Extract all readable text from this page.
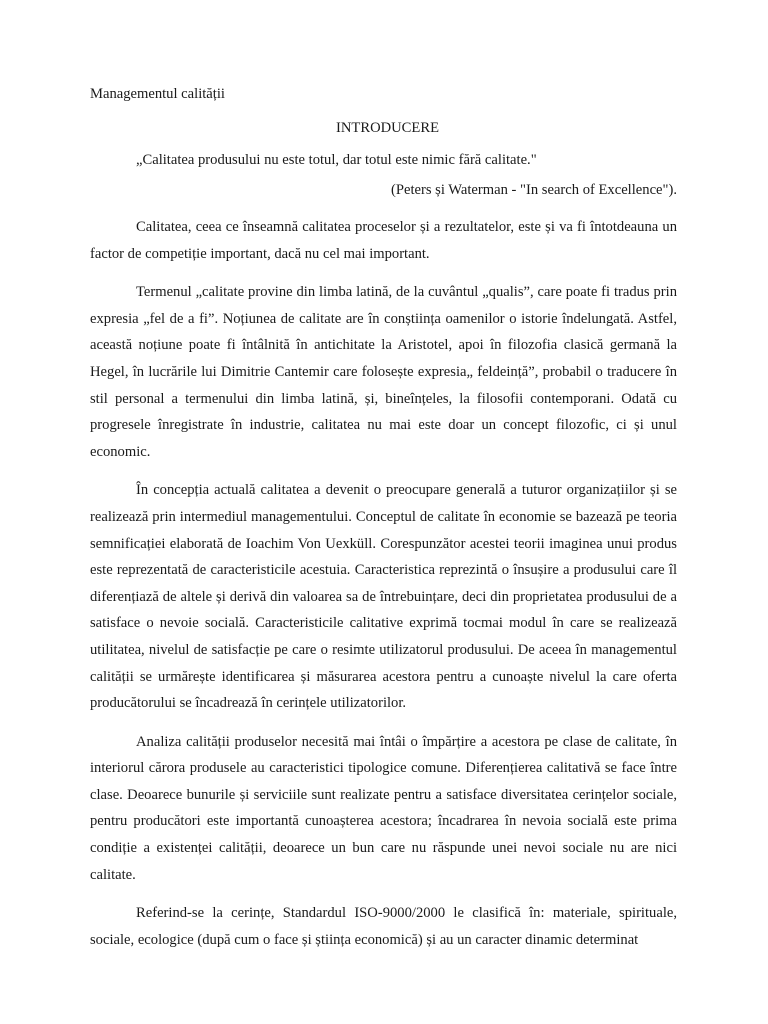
Managementul calității

INTRODUCERE

„Calitatea produsului nu este totul, dar totul este nimic fără calitate."

(Peters și Waterman - "In search of Excellence").

Calitatea, ceea ce înseamnă calitatea proceselor și a rezultatelor, este și va fi întotdeauna un factor de competiție important, dacă nu cel mai important.

Termenul „calitate provine din limba latină, de la cuvântul „qualis”, care poate fi tradus prin expresia „fel de a fi”. Noțiunea de calitate are în conștiința oamenilor o istorie îndelungată. Astfel, această noțiune poate fi întâlnită în antichitate la Aristotel, apoi în filozofia clasică germană la Hegel, în lucrările lui Dimitrie Cantemir care folosește expresia„ feldeință”, probabil o traducere în stil personal a termenului din limba latină, și, bineînțeles, la filosofii contemporani. Odată cu progresele înregistrate în industrie, calitatea nu mai este doar un concept filozofic, ci și unul economic.

În concepția actuală calitatea a devenit o preocupare generală a tuturor organizațiilor și se realizează prin intermediul managementului. Conceptul de calitate în economie se bazează pe teoria semnificației elaborată de Ioachim Von Uexküll. Corespunzător acestei teorii imaginea unui produs este reprezentată de caracteristicile acestuia. Caracteristica reprezintă o însușire a produsului care îl diferențiază de altele și derivă din valoarea sa de întrebuințare, deci din proprietatea produsului de a satisface o nevoie socială. Caracteristicile calitative exprimă tocmai modul în care se realizează utilitatea, nivelul de satisfacție pe care o resimte utilizatorul produsului. De aceea în managementul calității se urmărește identificarea și măsurarea acestora pentru a cunoaște nivelul la care oferta producătorului se încadrează în cerințele utilizatorilor.

Analiza calității produselor necesită mai întâi o împărțire a acestora pe clase de calitate, în interiorul cărora produsele au caracteristici tipologice comune. Diferențierea calitativă se face între clase. Deoarece bunurile și serviciile sunt realizate pentru a satisface diversitatea cerințelor sociale, pentru producători este importantă cunoașterea acestora; încadrarea în nevoia socială este prima condiție a existenței calității, deoarece un bun care nu răspunde unei nevoi sociale nu are nici calitate.

Referind-se la cerințe, Standardul ISO-9000/2000 le clasifică în: materiale, spirituale, sociale, ecologice (după cum o face și știința economică) și au un caracter dinamic determinat
